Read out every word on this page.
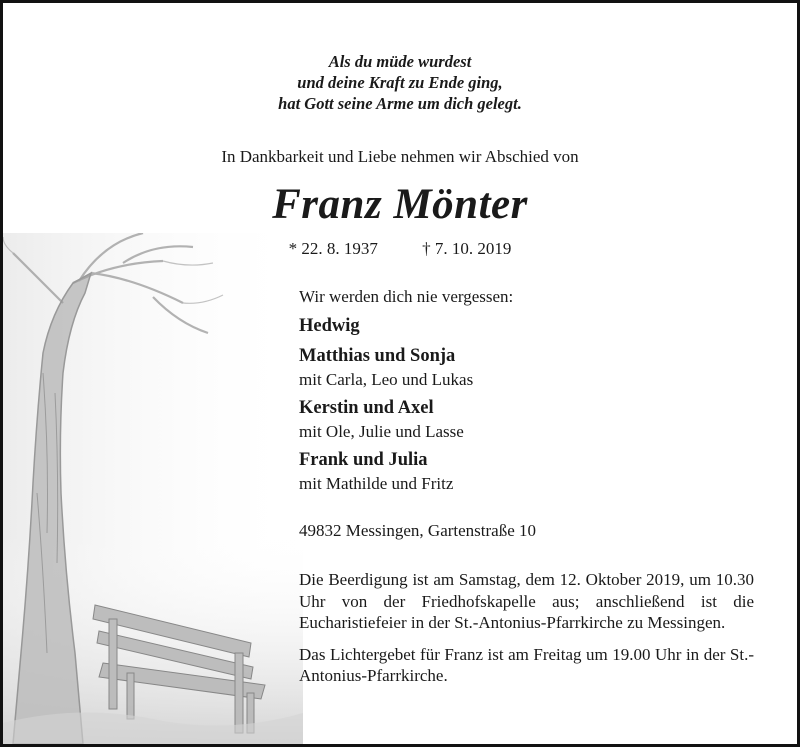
Als du müde wurdest
und deine Kraft zu Ende ging,
hat Gott seine Arme um dich gelegt.
In Dankbarkeit und Liebe nehmen wir Abschied von
Franz Mönter
* 22. 8. 1937	† 7. 10. 2019
Wir werden dich nie vergessen:
Hedwig
Matthias und Sonja
mit Carla, Leo und Lukas
Kerstin und Axel
mit Ole, Julie und Lasse
Frank und Julia
mit Mathilde und Fritz
49832 Messingen, Gartenstraße 10
Die Beerdigung ist am Samstag, dem 12. Oktober 2019, um 10.30 Uhr von der Friedhofskapelle aus; anschließend ist die Eucharistiefeier in der St.-Antonius-Pfarrkirche zu Messingen.
Das Lichtergebet für Franz ist am Freitag um 19.00 Uhr in der St.-Antonius-Pfarrkirche.
